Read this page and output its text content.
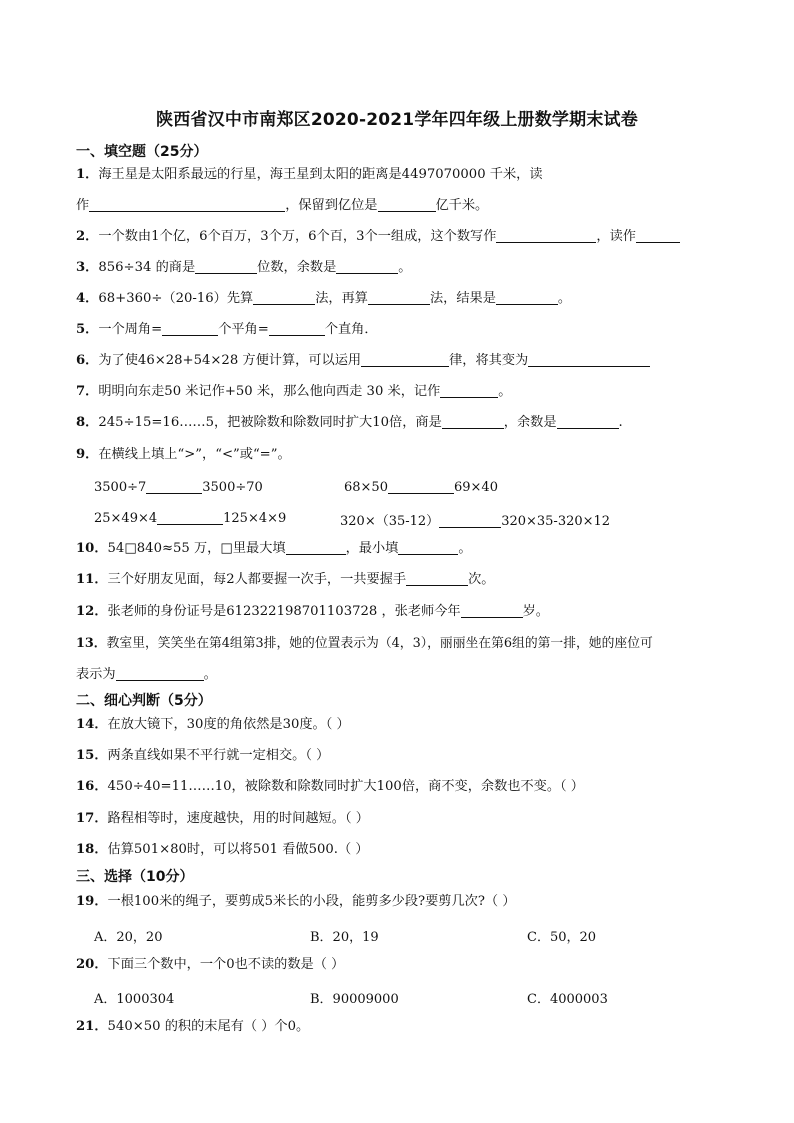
陕西省汉中市南郑区2020-2021学年四年级上册数学期末试卷
一、填空题（25分）
1．海王星是太阳系最远的行星，海王星到太阳的距离是4497070000 千米，读
作	，保留到亿位是	亿千米。
2．一个数由1个亿，6个百万，3个万，6个百，3个一组成，这个数写作	，读作
3．856÷34 的商是	位数，余数是	。
4．68+360÷（20-16）先算	法，再算	法，结果是	。
5．一个周角=	个平角=	个直角．
6．为了使46×28+54×28 方便计算，可以运用	律，将其变为
7．明明向东走50 米记作+50 米，那么他向西走 30 米，记作	。
8．245÷15=16……5，把被除数和除数同时扩大10倍，商是	，余数是	.
9．在横线上填上“>”，“<”或“=”。
3500÷7	3500÷70	68×50	69×40
25×49×4	125×4×9	320×（35-12）	320×35-320×12
10．54□840≈55 万，□里最大填	，最小填	。
11．三个好朋友见面，每2人都要握一次手，一共要握手	次。
12．张老师的身份证号是612322198701103728 ，张老师今年	岁。
13．教室里，笑笑坐在第4组第3排，她的位置表示为（4，3），丽丽坐在第6组的第一排，她的座位可
表示为	。
二、细心判断（5分）
14．在放大镜下，30度的角依然是30度。（ ）
15．两条直线如果不平行就一定相交。（ ）
16．450÷40=11……10，被除数和除数同时扩大100倍，商不变，余数也不变。（ ）
17．路程相等时，速度越快，用的时间越短。（ ）
18．估算501×80时，可以将501 看做500.（ ）
三、选择（10分）
19．一根100米的绳子，要剪成5米长的小段，能剪多少段?要剪几次?（ ）
A．20，20	B．20，19	C．50，20
20．下面三个数中，一个0也不读的数是（ ）
A．1000304	B．90009000	C．4000003
21．540×50 的积的末尾有（ ）个0。
